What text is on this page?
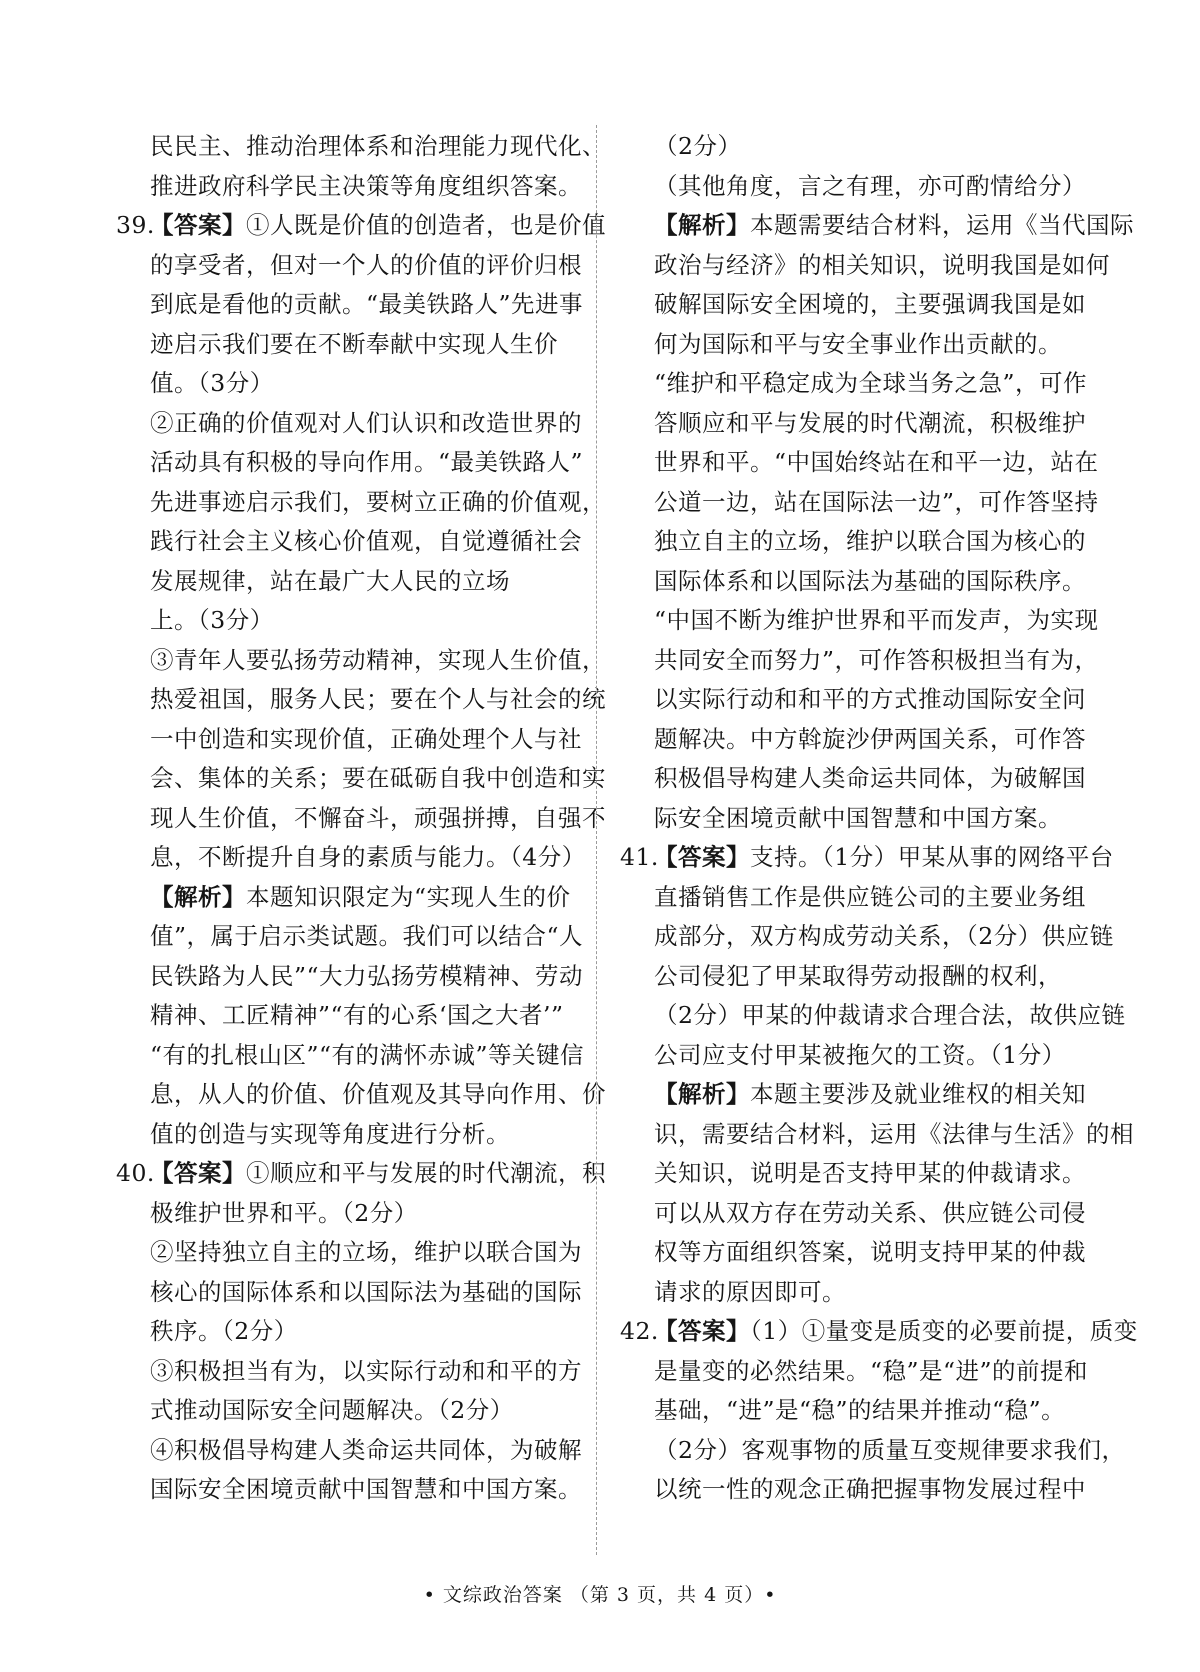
民民主、推动治理体系和治理能力现代化、
推进政府科学民主决策等角度组织答案。
39.【答案】①人既是价值的创造者，也是价值
的享受者，但对一个人的价值的评价归根
到底是看他的贡献。“最美铁路人”先进事
迹启示我们要在不断奉献中实现人生价
值。（3分）
②正确的价值观对人们认识和改造世界的
活动具有积极的导向作用。“最美铁路人”
先进事迹启示我们，要树立正确的价值观，
践行社会主义核心价值观，自觉遵循社会
发展规律，站在最广大人民的立场
上。（3分）
③青年人要弘扬劳动精神，实现人生价值，
热爱祖国，服务人民；要在个人与社会的统
一中创造和实现价值，正确处理个人与社
会、集体的关系；要在砥砺自我中创造和实
现人生价值，不懈奋斗，顽强拼搏，自强不
息，不断提升自身的素质与能力。（4分）
【解析】本题知识限定为“实现人生的价
值”，属于启示类试题。我们可以结合“人
民铁路为人民”“大力弘扬劳模精神、劳动
精神、工匠精神”“有的心系‘国之大者’”
“有的扎根山区”“有的满怀赤诚”等关键信
息，从人的价值、价值观及其导向作用、价
值的创造与实现等角度进行分析。
40.【答案】①顺应和平与发展的时代潮流，积
极维护世界和平。（2分）
②坚持独立自主的立场，维护以联合国为
核心的国际体系和以国际法为基础的国际
秩序。（2分）
③积极担当有为，以实际行动和和平的方
式推动国际安全问题解决。（2分）
④积极倡导构建人类命运共同体，为破解
国际安全困境贡献中国智慧和中国方案。
（2分）
（其他角度，言之有理，亦可酌情给分）
【解析】本题需要结合材料，运用《当代国际
政治与经济》的相关知识，说明我国是如何
破解国际安全困境的，主要强调我国是如
何为国际和平与安全事业作出贡献的。
“维护和平稳定成为全球当务之急”，可作
答顺应和平与发展的时代潮流，积极维护
世界和平。“中国始终站在和平一边，站在
公道一边，站在国际法一边”，可作答坚持
独立自主的立场，维护以联合国为核心的
国际体系和以国际法为基础的国际秩序。
“中国不断为维护世界和平而发声，为实现
共同安全而努力”，可作答积极担当有为，
以实际行动和和平的方式推动国际安全问
题解决。中方斡旋沙伊两国关系，可作答
积极倡导构建人类命运共同体，为破解国
际安全困境贡献中国智慧和中国方案。
41.【答案】支持。（1分）甲某从事的网络平台
直播销售工作是供应链公司的主要业务组
成部分，双方构成劳动关系，（2分）供应链
公司侵犯了甲某取得劳动报酬的权利，
（2分）甲某的仲裁请求合理合法，故供应链
公司应支付甲某被拖欠的工资。（1分）
【解析】本题主要涉及就业维权的相关知
识，需要结合材料，运用《法律与生活》的相
关知识，说明是否支持甲某的仲裁请求。
可以从双方存在劳动关系、供应链公司侵
权等方面组织答案，说明支持甲某的仲裁
请求的原因即可。
42.【答案】（1）①量变是质变的必要前提，质变
是量变的必然结果。“稳”是“进”的前提和
基础，“进”是“稳”的结果并推动“稳”。
（2分）客观事物的质量互变规律要求我们，
以统一性的观念正确把握事物发展过程中
• 文综政治答案 （第 3 页，共 4 页）•
